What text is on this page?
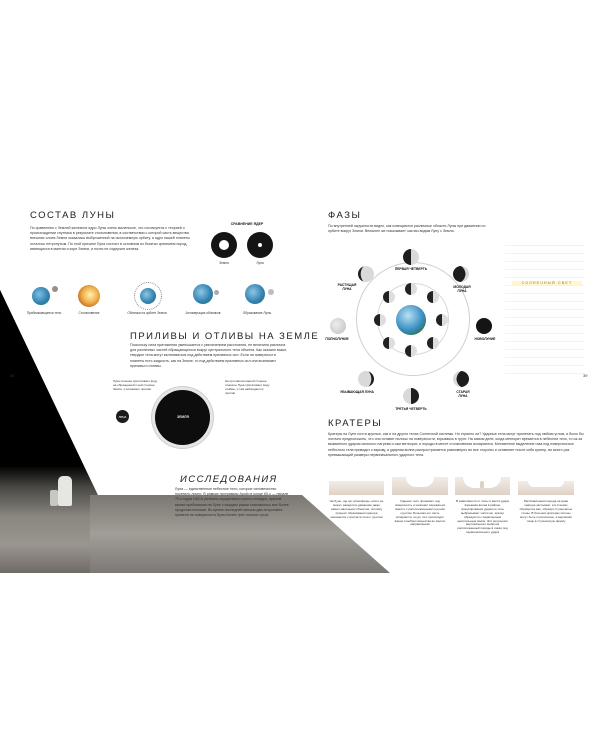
СОСТАВ ЛУНЫ
По сравнению с Землей железное ядро Луны очень маленькое, что согласуется с теорией о происхождении спутника в результате столкновения, в соответствии с которой часть вещества внешних слоев Земли оказалась выброшенной на околоземную орбиту, а ядро нашей планеты осталось нетронутым. По этой причине Луна состоит в основном из богатых кремнием пород, имеющихся в мантии и коре Земли, и почти не содержит железа.
СРАВНЕНИЕ ЯДЕР
Земля	Луна
Приближающееся тело	Столкновение	Обломки на орбите Земли	Агломерация обломков	Образование Луны
38
ПРИЛИВЫ И ОТЛИВЫ НА ЗЕМЛЕ
Поскольку сила притяжения уменьшается с увеличением расстояния, ее величина различна для различных частей обращающегося вокруг центрального тела объекта. Как сказано выше, твердые тела могут вытягиваться под действием приливных сил. Если на поверхности планеты есть жидкость, как на Земле, то под действием приливных сил она возникают приливы и отливы.
ЗЕМЛЯ
ЛУНА
Луна сильнее притягивает воду на обращенной к ней стороне Земли, и возникает прилив.
На противоположной стороне планеты Луна притягивает воду слабее, и там наблюдается прилив
ИССЛЕДОВАНИЯ
Луна — единственное небесное тело, которое человечество посетило лично. В рамках программы Apollo в конце 60-х — начале 70-х годов НАСА успешно осуществило шесть посадок, причем время пребывания на Луне с каждым разом становилось все более продолжительным. Во время последней миссии два астронавта провели на поверхности Луны более трех полных суток.
ФАЗЫ
По внутренней окружности видно, как освещаются различные области Луны при движении по орбите вокруг Земли. Внешнее же показывает, как мы видим Луну с Земли.
ПЕРВАЯ ЧЕТВЕРТЬ
МОЛОДАЯ ЛУНА
РАСТУЩАЯ ЛУНА
ПОЛНОЛУНИЕ	НОВОЛУНИЕ
УБЫВАЮЩАЯ ЛУНА	СТАРАЯ ЛУНА
ТРЕТЬЯ ЧЕТВЕРТЬ
СОЛНЕЧНЫЙ СВЕТ
39
КРАТЕРЫ
Кратеры на Луне почти круглые, как и на других телах Солнечной системы. Но странно ли? Ударные тела могут прилетать под любым углом, и было бы логично предположить, что они оставят полосы на поверхности, вгрызаясь в грунт. На самом деле, когда метеорит врезается в небесное тело, то из-за вызванного ударом сильного нагрева и сам метеорит, и породы в месте столкновения испаряются. Мгновенное выделение газа под поверхностью небесного тела приводит к взрыву, а ударная волна распространяется равномерно во все стороны и оставляет после себя кратер, во много раз превышающий размеры первоначального ударного тела.
На Луне, где нет атмосферы, ничто не может замедлить движение даже самых маленьких объектов, поэтому процесс образования кратера начинается с контакта тела с грунтом
Ударное тело проникает под поверхность и начинает взрываться вместе с расположенными под ним грунтом. Большая его часть испаряется, но до того происходит взрыв и выброс вещества во многих направлениях
В зависимости от силы и места удара взрывная волна в районе фокусирования ударного тела выбрасывает частично, кратер образуется с характерным центральным пиком. Эти результате вертикального выброса расположенный породы в пиках под первоначального удара
Расплавленная порода на краю кратера застывает, а в стенках образуется вал, образуя ступенчатые стены. В больших кратерах склоны могут быть ступенчатые, а вершинах чаще в ступенчатую форму
